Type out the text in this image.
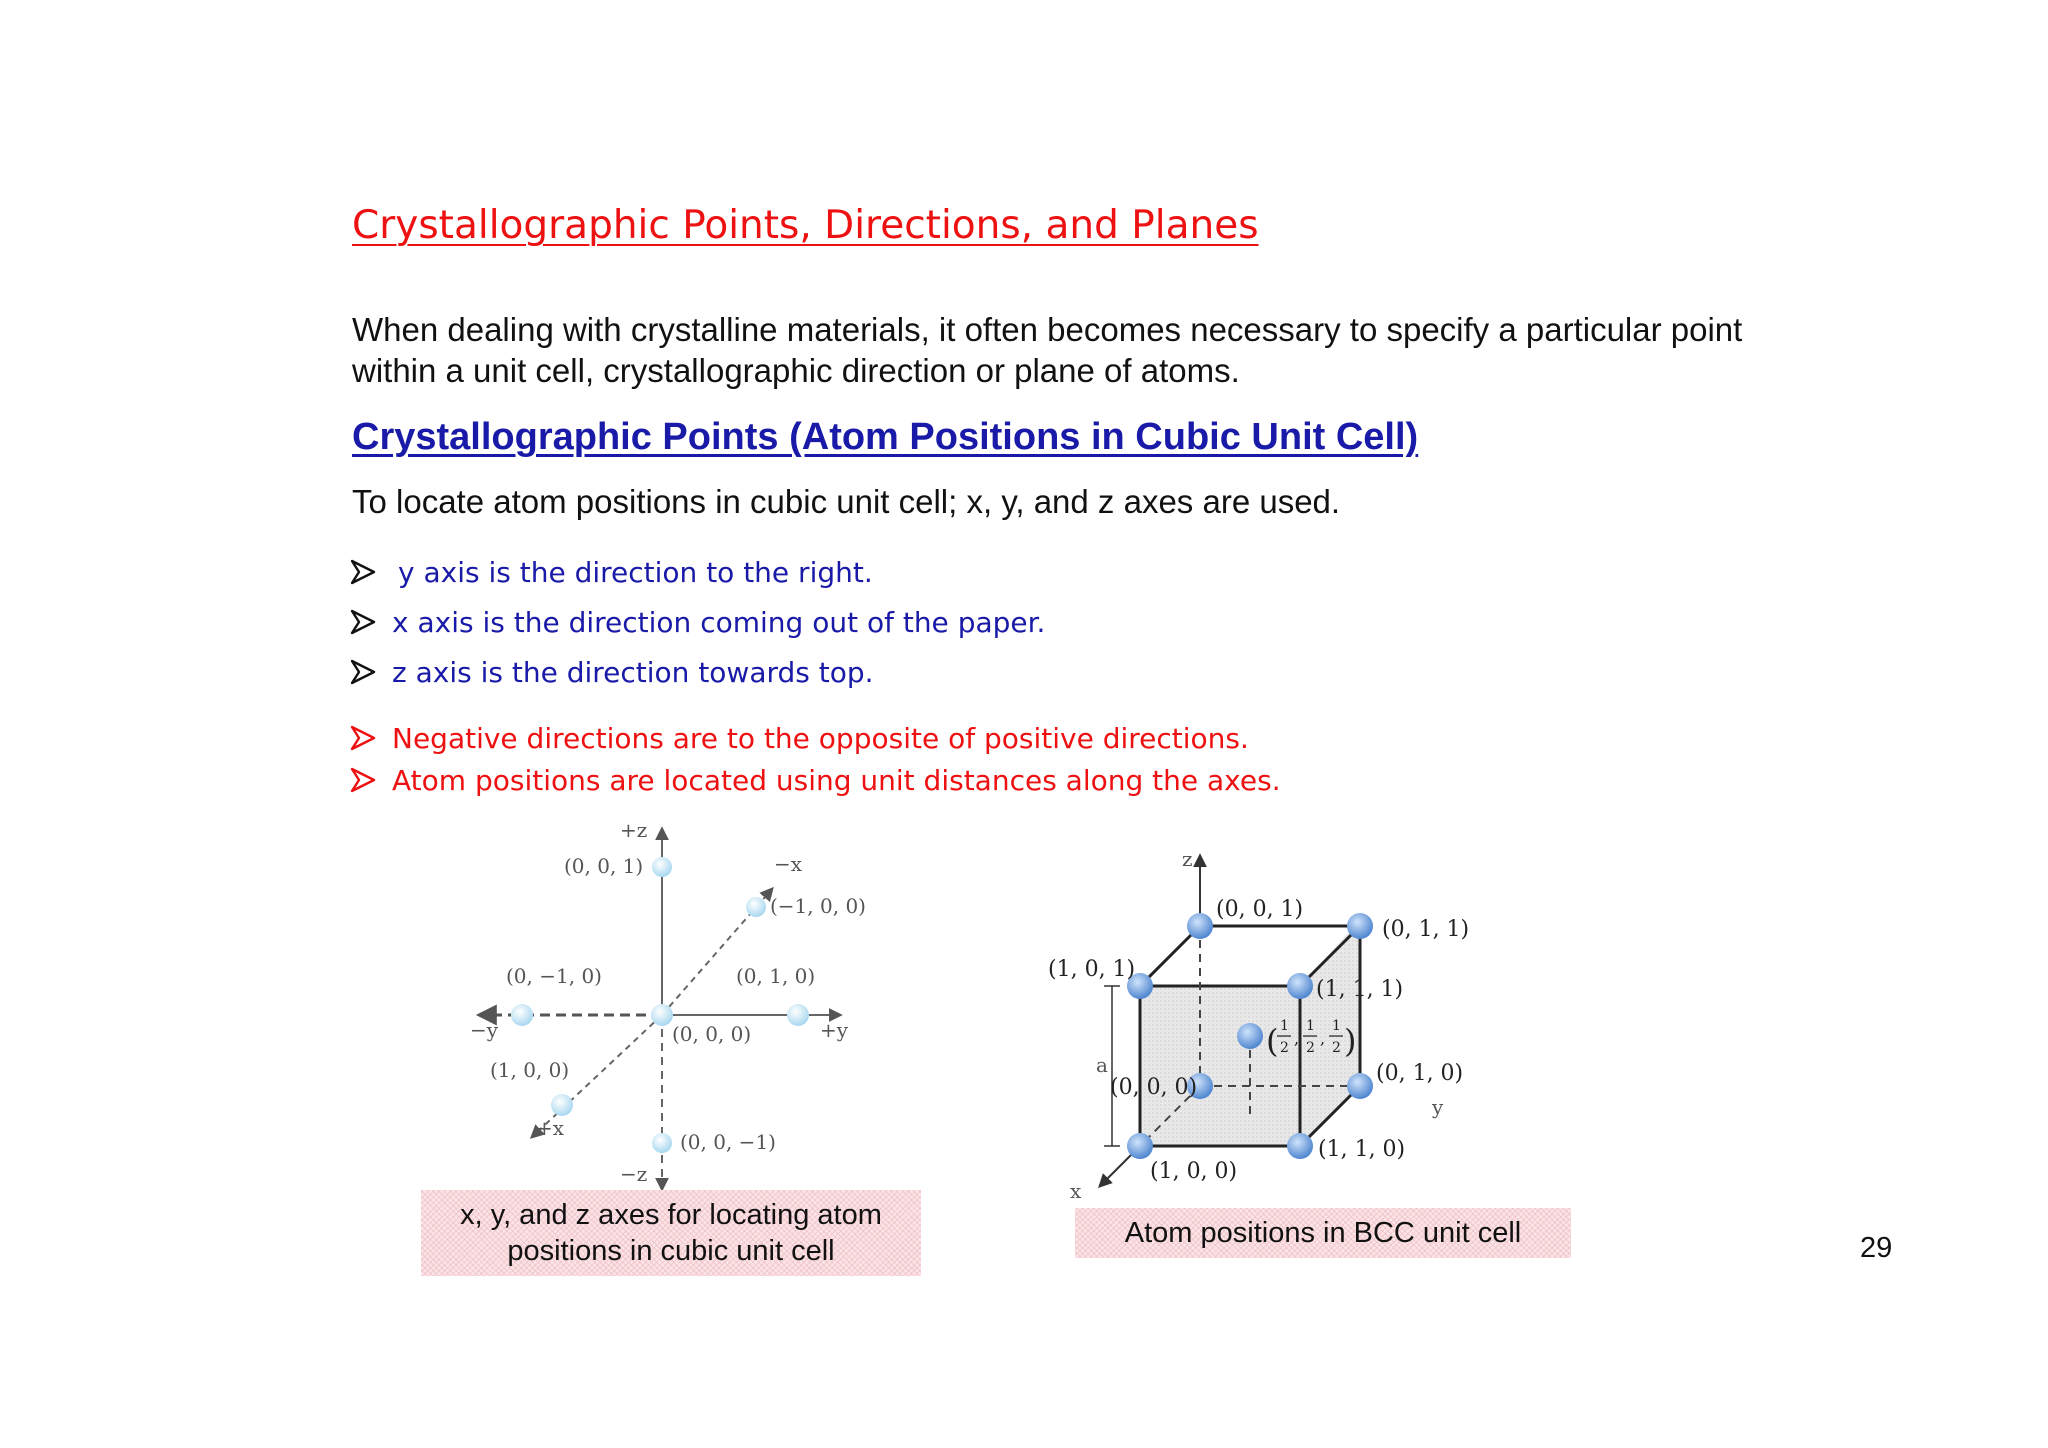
Crystallographic Points, Directions, and Planes

When dealing with crystalline materials, it often becomes necessary to specify a particular point within a unit cell, crystallographic direction or plane of atoms.

Crystallographic Points (Atom Positions in Cubic Unit Cell)

To locate atom positions in cubic unit cell; x, y, and z axes are used.

y axis is the direction to the right.
x axis is the direction coming out of the paper.
z axis is the direction towards top.
Negative directions are to the opposite of positive directions.
Atom positions are located using unit distances along the axes.
+z
−z
−x
+x
−y	+y
(0, 0, 1)
(−1, 0, 0)
(0, −1, 0)	(0, 1, 0)
(0, 0, 0)
(1, 0, 0)
(0, 0, −1)
z
x
y
a
(0, 0, 1)
(0, 1, 1)
(1, 0, 1)
(1, 1, 1)
(0, 0, 0)
(0, 1, 0)
(1, 0, 0)
(1, 1, 0)
( 1
2 ,
1
2 ,
1
2 )
x, y, and z axes for locating atom positions in cubic unit cell
Atom positions in BCC unit cell	29
